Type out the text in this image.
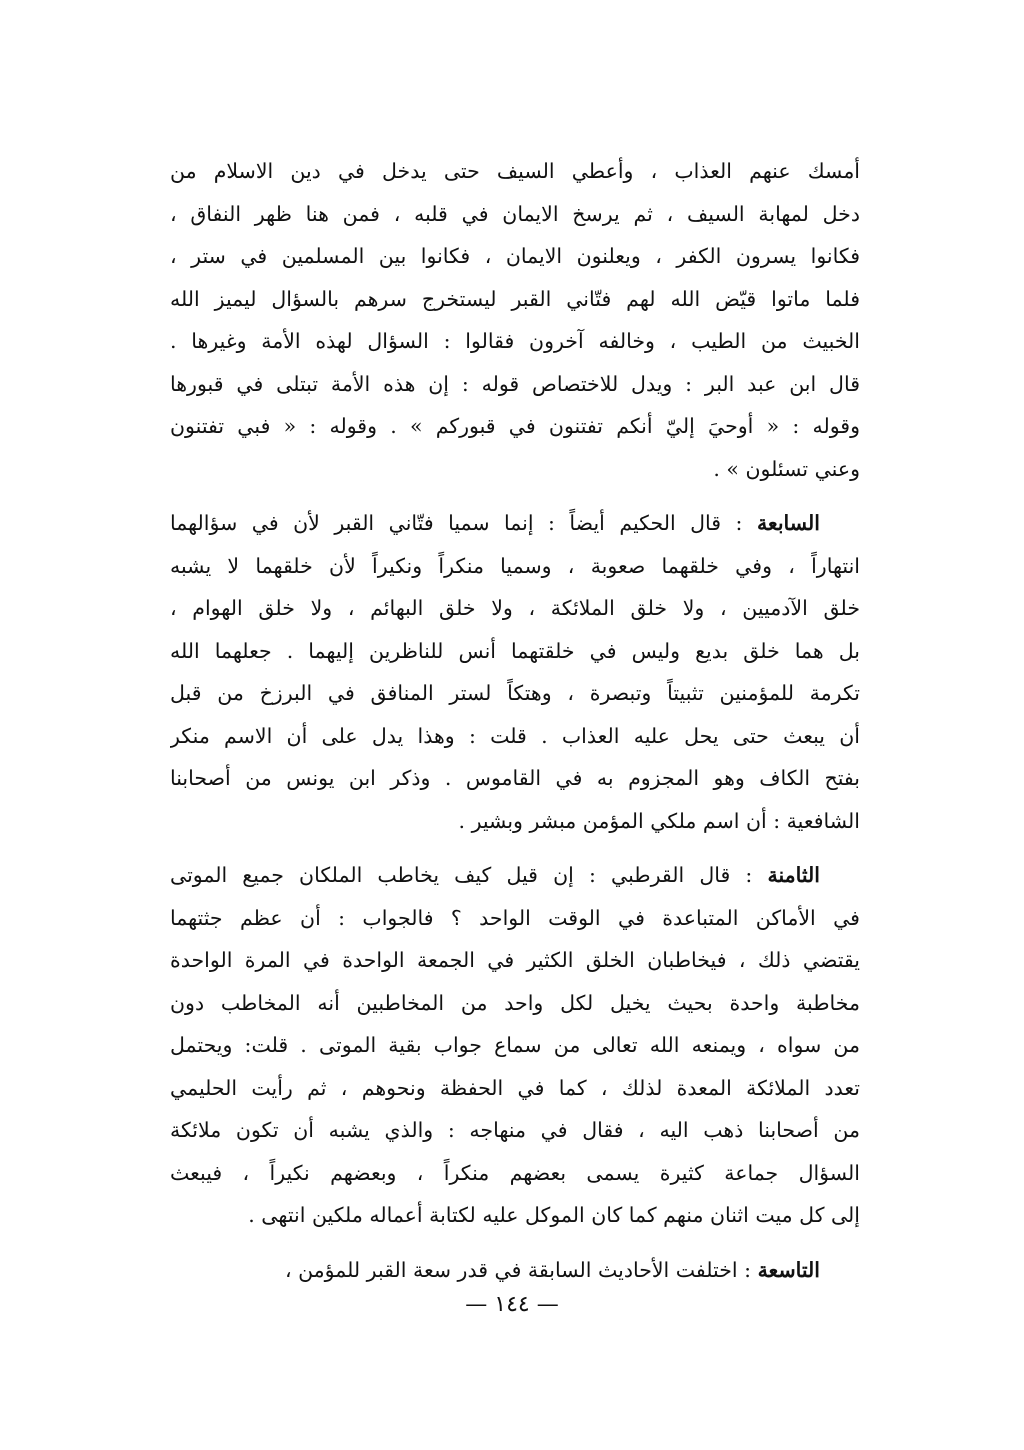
أمسك عنهم العذاب ، وأعطي السيف حتى يدخل في دين الاسلام من
دخل لمهابة السيف ، ثم يرسخ الايمان في قلبه ، فمن هنا ظهر النفاق ،
فكانوا يسرون الكفر ، ويعلنون الايمان ، فكانوا بين المسلمين في ستر ،
فلما ماتوا قيّض الله لهم فتّاني القبر ليستخرج سرهم بالسؤال ليميز الله
الخبيث من الطيب ، وخالفه آخرون فقالوا : السؤال لهذه الأمة وغيرها .
قال ابن عبد البر : ويدل للاختصاص قوله : إن هذه الأمة تبتلى في قبورها
وقوله : « أوحيَ إليّ أنكم تفتنون في قبوركم » . وقوله : « فبي تفتنون
وعني تسئلون » .
السابعة : قال الحكيم أيضاً : إنما سميا فتّاني القبر لأن في سؤالهما
انتهاراً ، وفي خلقهما صعوبة ، وسميا منكراً ونكيراً لأن خلقهما لا يشبه
خلق الآدميين ، ولا خلق الملائكة ، ولا خلق البهائم ، ولا خلق الهوام ،
بل هما خلق بديع وليس في خلقتهما أنس للناظرين إليهما . جعلهما الله
تكرمة للمؤمنين تثبيتاً وتبصرة ، وهتكاً لستر المنافق في البرزخ من قبل
أن يبعث حتى يحل عليه العذاب . قلت : وهذا يدل على أن الاسم منكر
بفتح الكاف وهو المجزوم به في القاموس . وذكر ابن يونس من أصحابنا
الشافعية : أن اسم ملكي المؤمن مبشر وبشير .
الثامنة : قال القرطبي : إن قيل كيف يخاطب الملكان جميع الموتى
في الأماكن المتباعدة في الوقت الواحد ؟ فالجواب : أن عظم جثتهما
يقتضي ذلك ، فيخاطبان الخلق الكثير في الجمعة الواحدة في المرة الواحدة
مخاطبة واحدة بحيث يخيل لكل واحد من المخاطبين أنه المخاطب دون
من سواه ، ويمنعه الله تعالى من سماع جواب بقية الموتى . قلت: ويحتمل
تعدد الملائكة المعدة لذلك ، كما في الحفظة ونحوهم ، ثم رأيت الحليمي
من أصحابنا ذهب اليه ، فقال في منهاجه : والذي يشبه أن تكون ملائكة
السؤال جماعة كثيرة يسمى بعضهم منكراً ، وبعضهم نكيراً ، فيبعث
إلى كل ميت اثنان منهم كما كان الموكل عليه لكتابة أعماله ملكين انتهى .
التاسعة : اختلفت الأحاديث السابقة في قدر سعة القبر للمؤمن ،
— ١٤٤ —
